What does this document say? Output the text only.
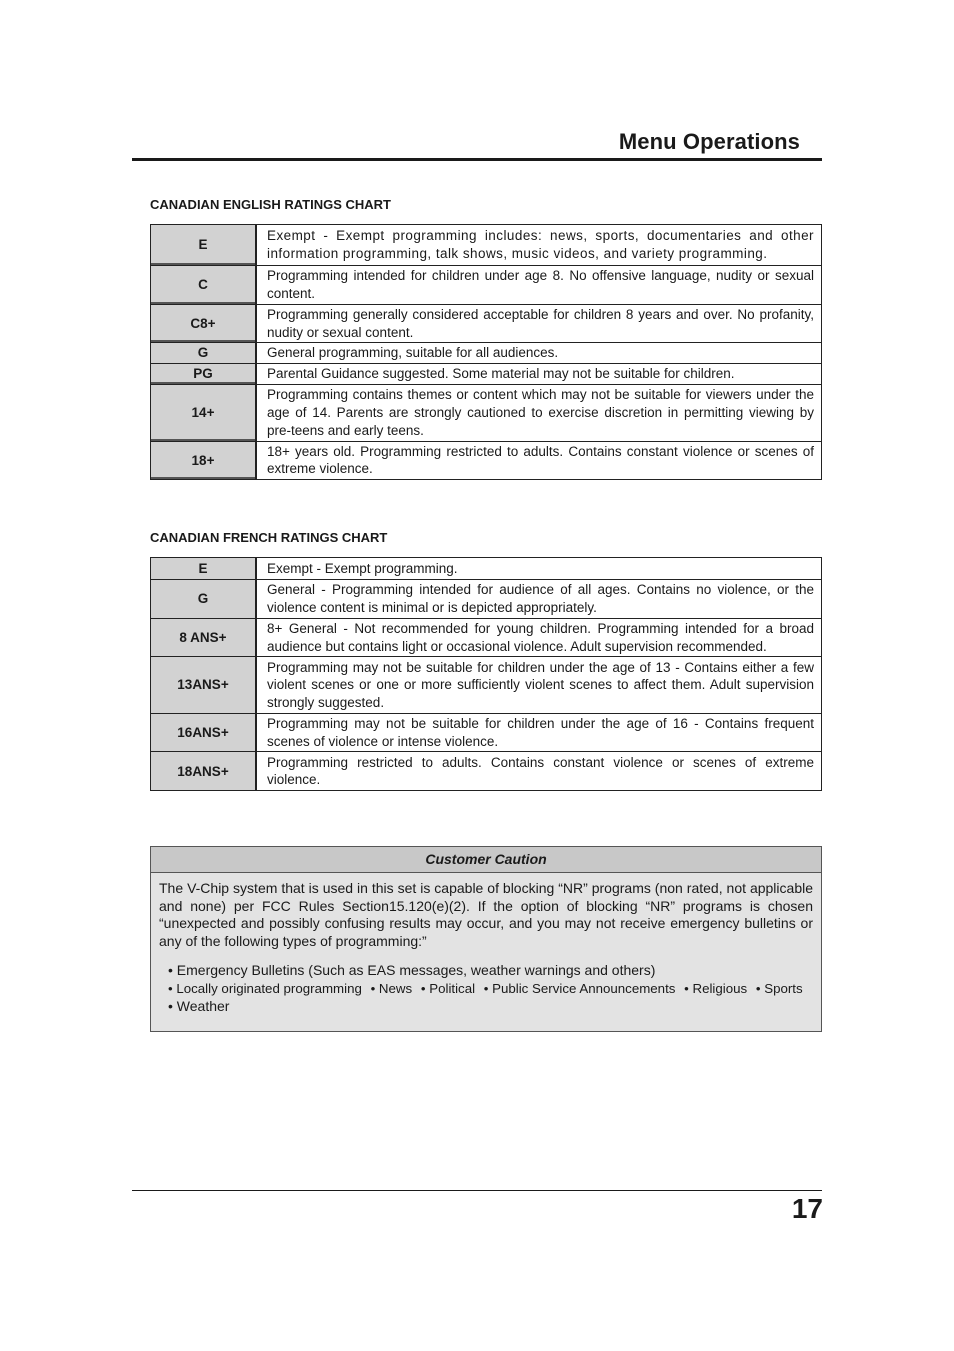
Menu Operations
CANADIAN ENGLISH RATINGS CHART
E	Exempt - Exempt programming includes: news, sports, documentaries and other information programming, talk shows, music videos, and variety programming.
C	Programming intended for children under age 8. No offensive language, nudity or sexual content.
C8+	Programming generally considered acceptable for children 8 years and over. No profanity, nudity or sexual content.
G	General programming, suitable for all audiences.
PG	Parental Guidance suggested. Some material may not be suitable for children.
14+	Programming contains themes or content which may not be suitable for viewers under the age of 14. Parents are strongly cautioned to exercise discretion in permitting viewing by pre-teens and early teens.
18+	18+ years old. Programming restricted to adults. Contains constant violence or scenes of extreme violence.
CANADIAN FRENCH RATINGS CHART
E	Exempt - Exempt programming.
G	General - Programming intended for audience of all ages. Contains no violence, or the violence content is minimal or is depicted appropriately.
8 ANS+	8+ General - Not recommended for young children. Programming intended for a broad audience but contains light or occasional violence. Adult supervision recommended.
13ANS+	Programming may not be suitable for children under the age of 13 - Contains either a few violent scenes or one or more sufficiently violent scenes to affect them. Adult supervision strongly suggested.
16ANS+	Programming may not be suitable for children under the age of 16 - Contains frequent scenes of violence or intense violence.
18ANS+	Programming restricted to adults. Contains constant violence or scenes of extreme violence.
Customer Caution
The V-Chip system that is used in this set is capable of blocking “NR” programs (non rated, not applicable and none) per FCC Rules Section15.120(e)(2). If the option of blocking “NR” programs is chosen “unexpected and possibly confusing results may occur, and you may not receive emergency bulletins or any of the following types of programming:”
• Emergency Bulletins (Such as EAS messages, weather warnings and others)
• Locally originated programming • News • Political • Public Service Announcements • Religious • Sports
• Weather
17
